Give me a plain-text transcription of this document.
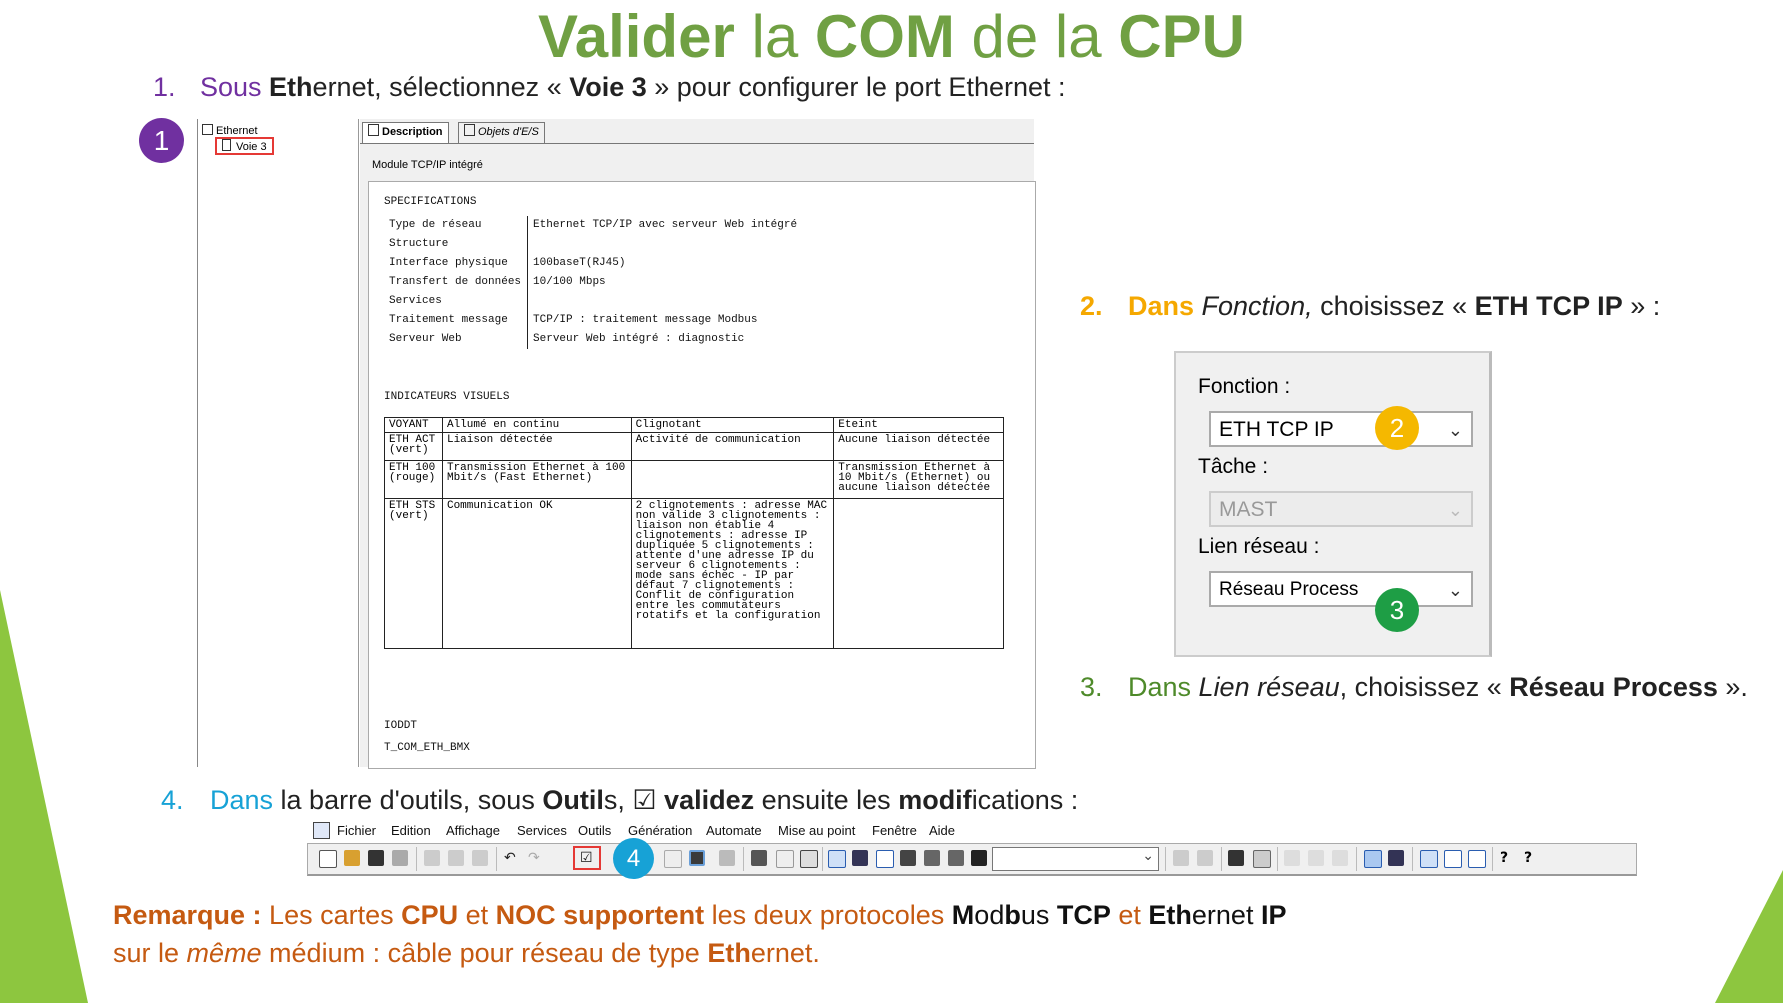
Valider la COM de la CPU
1. Sous Ethernet, sélectionnez « Voie 3 » pour configurer le port Ethernet :
1	Ethernet
Voie 3
Description	Objets d'E/S
Module TCP/IP intégré
SPECIFICATIONS
Type de réseau	Ethernet TCP/IP avec serveur Web intégré
Structure	
Interface physique	100baseT(RJ45)
Transfert de données	10/100 Mbps
Services	
Traitement message	TCP/IP : traitement message Modbus
Serveur Web	Serveur Web intégré : diagnostic
INDICATEURS VISUELS
VOYANT	Allumé en continu	Clignotant	Eteint
ETH ACT (vert)	Liaison détectée	Activité de communication	Aucune liaison détectée
ETH 100 (rouge)	Transmission Ethernet à 100 Mbit/s (Fast Ethernet)		Transmission Ethernet à 10 Mbit/s (Ethernet) ou aucune liaison détectée
ETH STS (vert)	Communication OK	2 clignotements : adresse MAC non valide 3 clignotements : liaison non établie 4 clignotements : adresse IP dupliquée 5 clignotements : attente d'une adresse IP du serveur 6 clignotements : mode sans échec - IP par défaut 7 clignotements : Conflit de configuration entre les commutateurs rotatifs et la configuration	
IODDT
T_COM_ETH_BMX
2. Dans Fonction, choisissez « ETH TCP IP » :
Fonction :
ETH TCP IP	⌄
Tâche :
MAST	⌄
Lien réseau :
Réseau Process	⌄
2
3
3. Dans Lien réseau, choisissez « Réseau Process ».
4. Dans la barre d'outils, sous Outils, ☑ validez ensuite les modifications :
Fichier Edition Affichage Services Outils Génération Automate Mise au point Fenêtre Aide
↶ ↷	☑	⌄	?	?
4
Remarque : Les cartes CPU et NOC supportent les deux protocoles Modbus TCP et Ethernet IP
sur le même médium : câble pour réseau de type Ethernet.
